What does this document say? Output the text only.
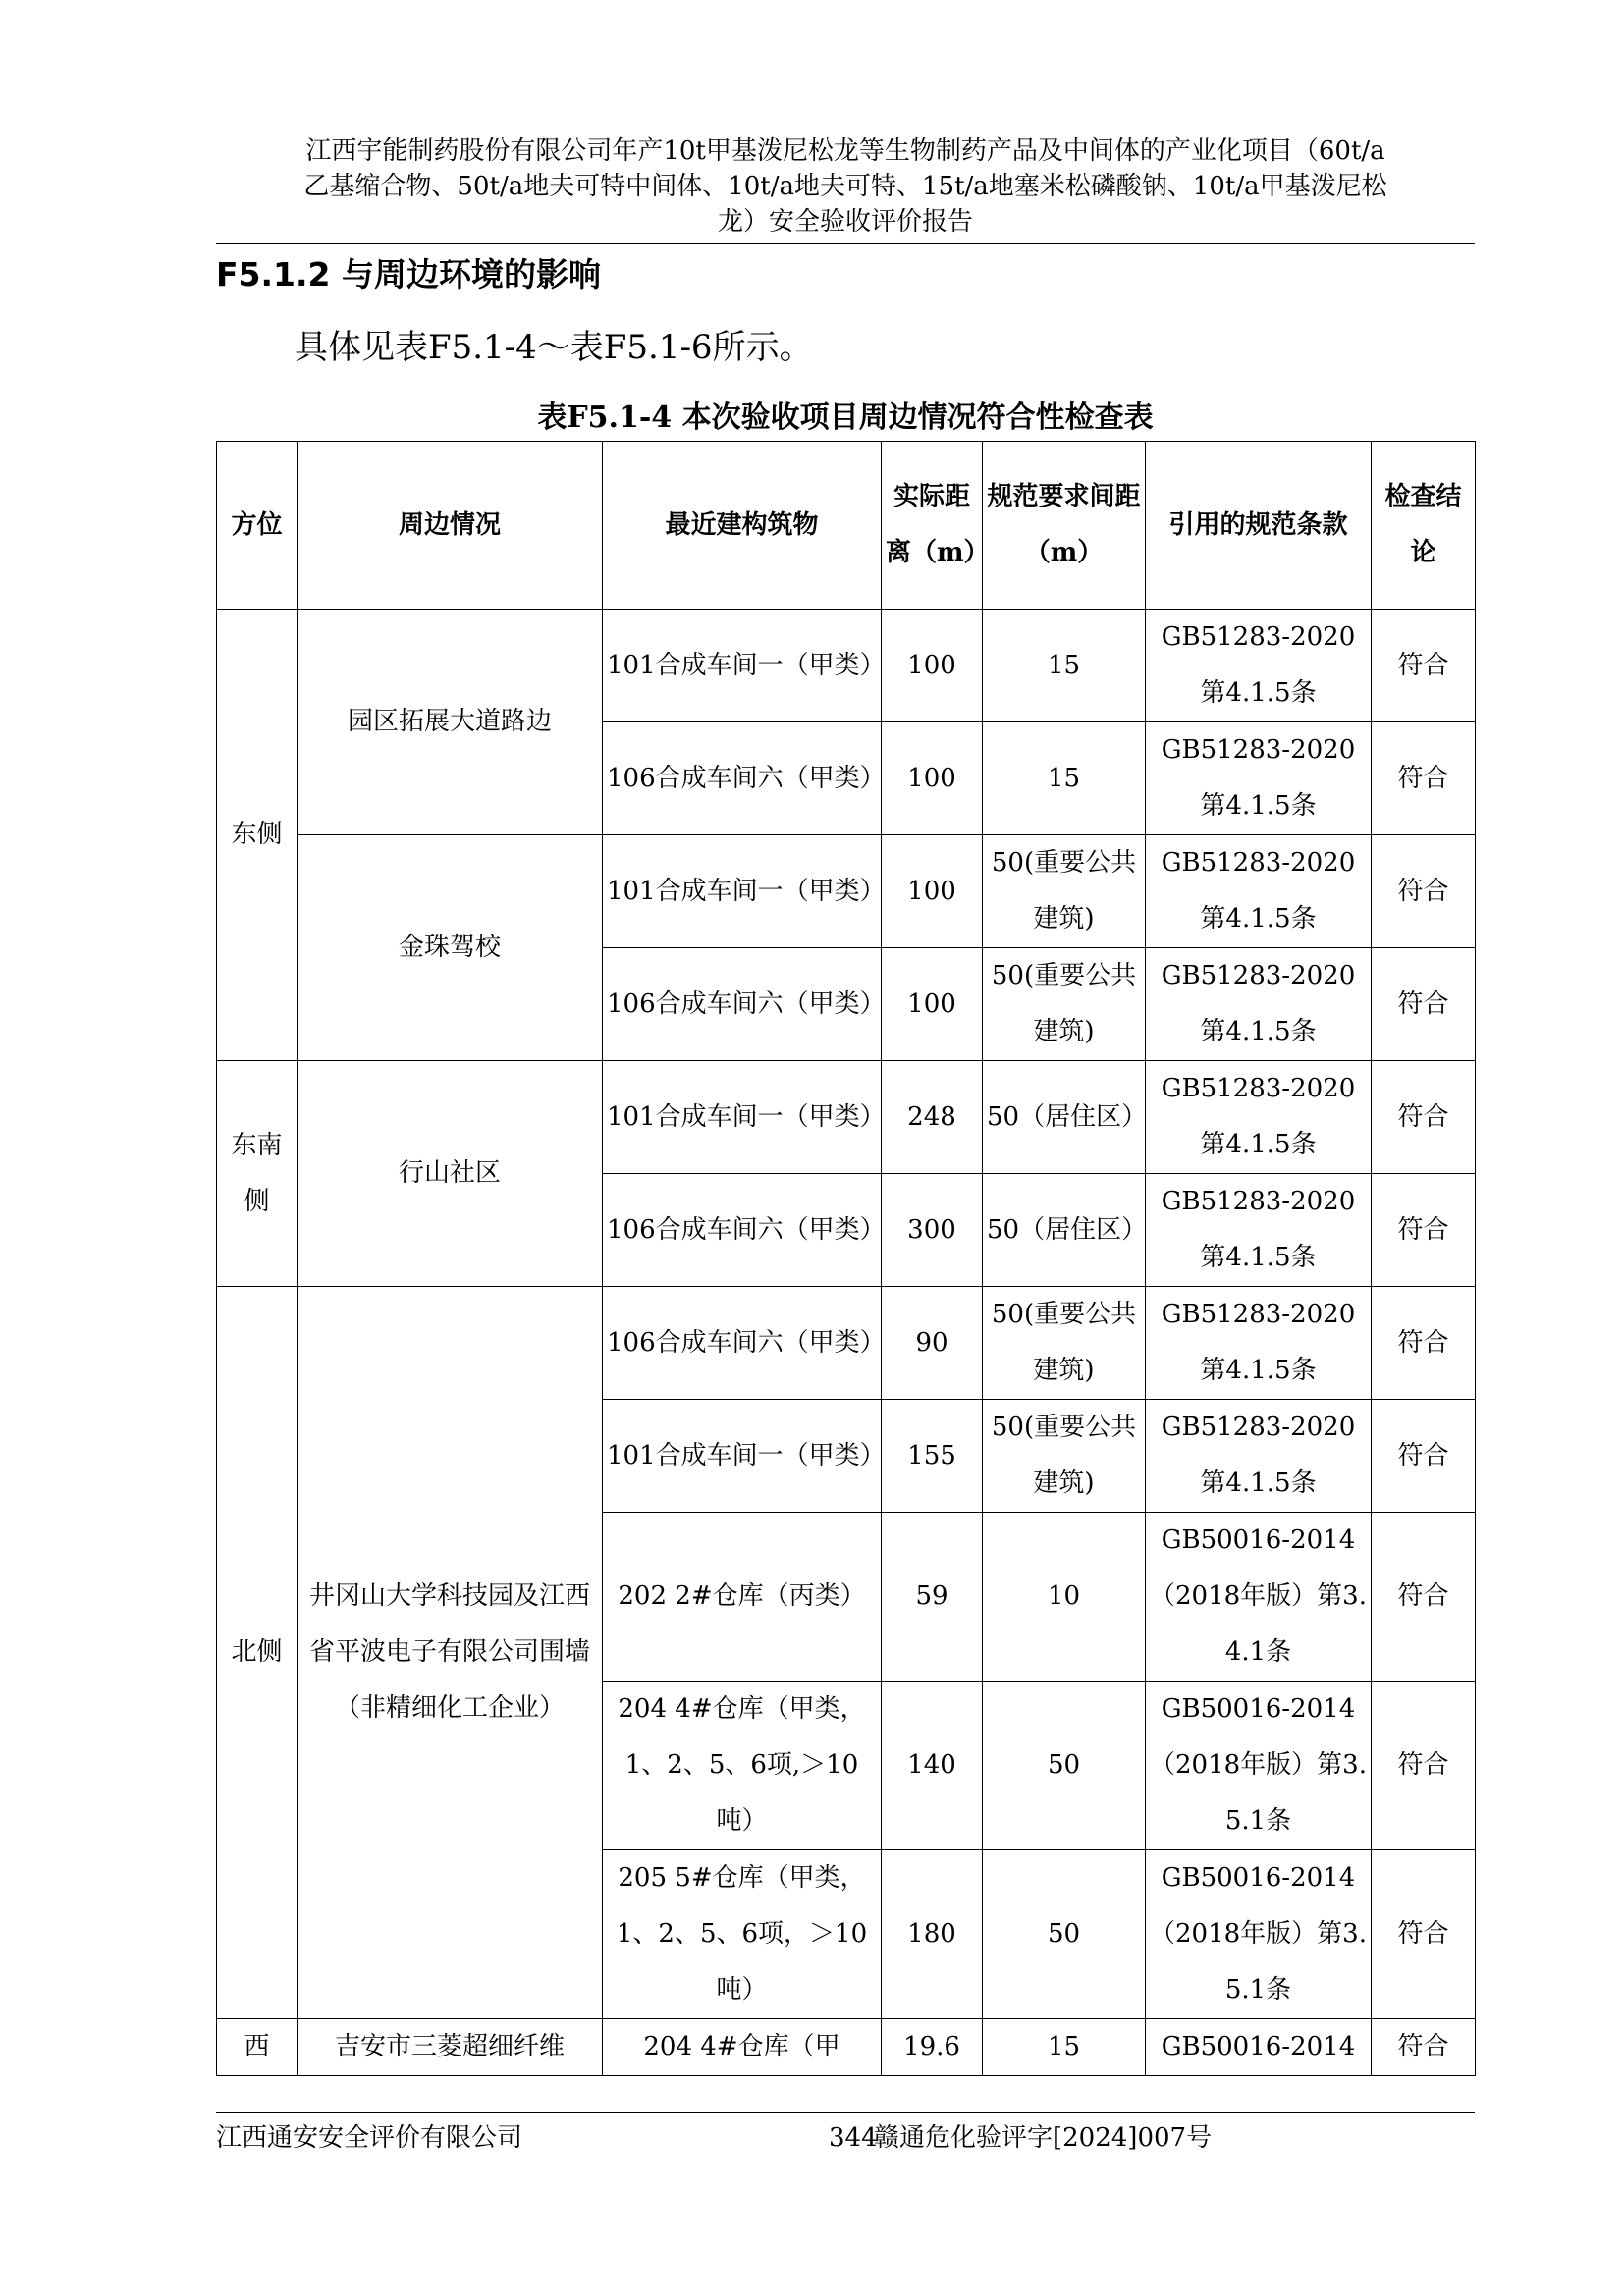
江西宇能制药股份有限公司年产10t甲基泼尼松龙等生物制药产品及中间体的产业化项目（60t/a
乙基缩合物、50t/a地夫可特中间体、10t/a地夫可特、15t/a地塞米松磷酸钠、10t/a甲基泼尼松
龙）安全验收评价报告
F5.1.2 与周边环境的影响
具体见表F5.1-4～表F5.1-6所示。
表F5.1-4 本次验收项目周边情况符合性检查表
方位	周边情况	最近建构筑物	实际距离（m）	规范要求间距（m）	引用的规范条款	检查结论
东侧	园区拓展大道路边	101合成车间一（甲类）	100	15	GB51283-2020第4.1.5条	符合
		106合成车间六（甲类）	100	15	GB51283-2020第4.1.5条	符合
	金珠驾校	101合成车间一（甲类）	100	50(重要公共建筑)	GB51283-2020第4.1.5条	符合
		106合成车间六（甲类）	100	50(重要公共建筑)	GB51283-2020第4.1.5条	符合
东南侧	行山社区	101合成车间一（甲类）	248	50（居住区）	GB51283-2020第4.1.5条	符合
		106合成车间六（甲类）	300	50（居住区）	GB51283-2020第4.1.5条	符合
北侧	井冈山大学科技园及江西省平波电子有限公司围墙（非精细化工企业）	106合成车间六（甲类）	90	50(重要公共建筑)	GB51283-2020第4.1.5条	符合
		101合成车间一（甲类）	155	50(重要公共建筑)	GB51283-2020第4.1.5条	符合
		202 2#仓库（丙类）	59	10	GB50016-2014（2018年版）第3.4.1条	符合
		204 4#仓库（甲类，1、2、5、6项,＞10吨）	140	50	GB50016-2014（2018年版）第3.5.1条	符合
		205 5#仓库（甲类，1、2、5、6项，＞10吨）	180	50	GB50016-2014（2018年版）第3.5.1条	符合
西	吉安市三菱超细纤维	204 4#仓库（甲	19.6	15	GB50016-2014	符合
江西通安安全评价有限公司	344
赣通危化验评字[2024]007号
